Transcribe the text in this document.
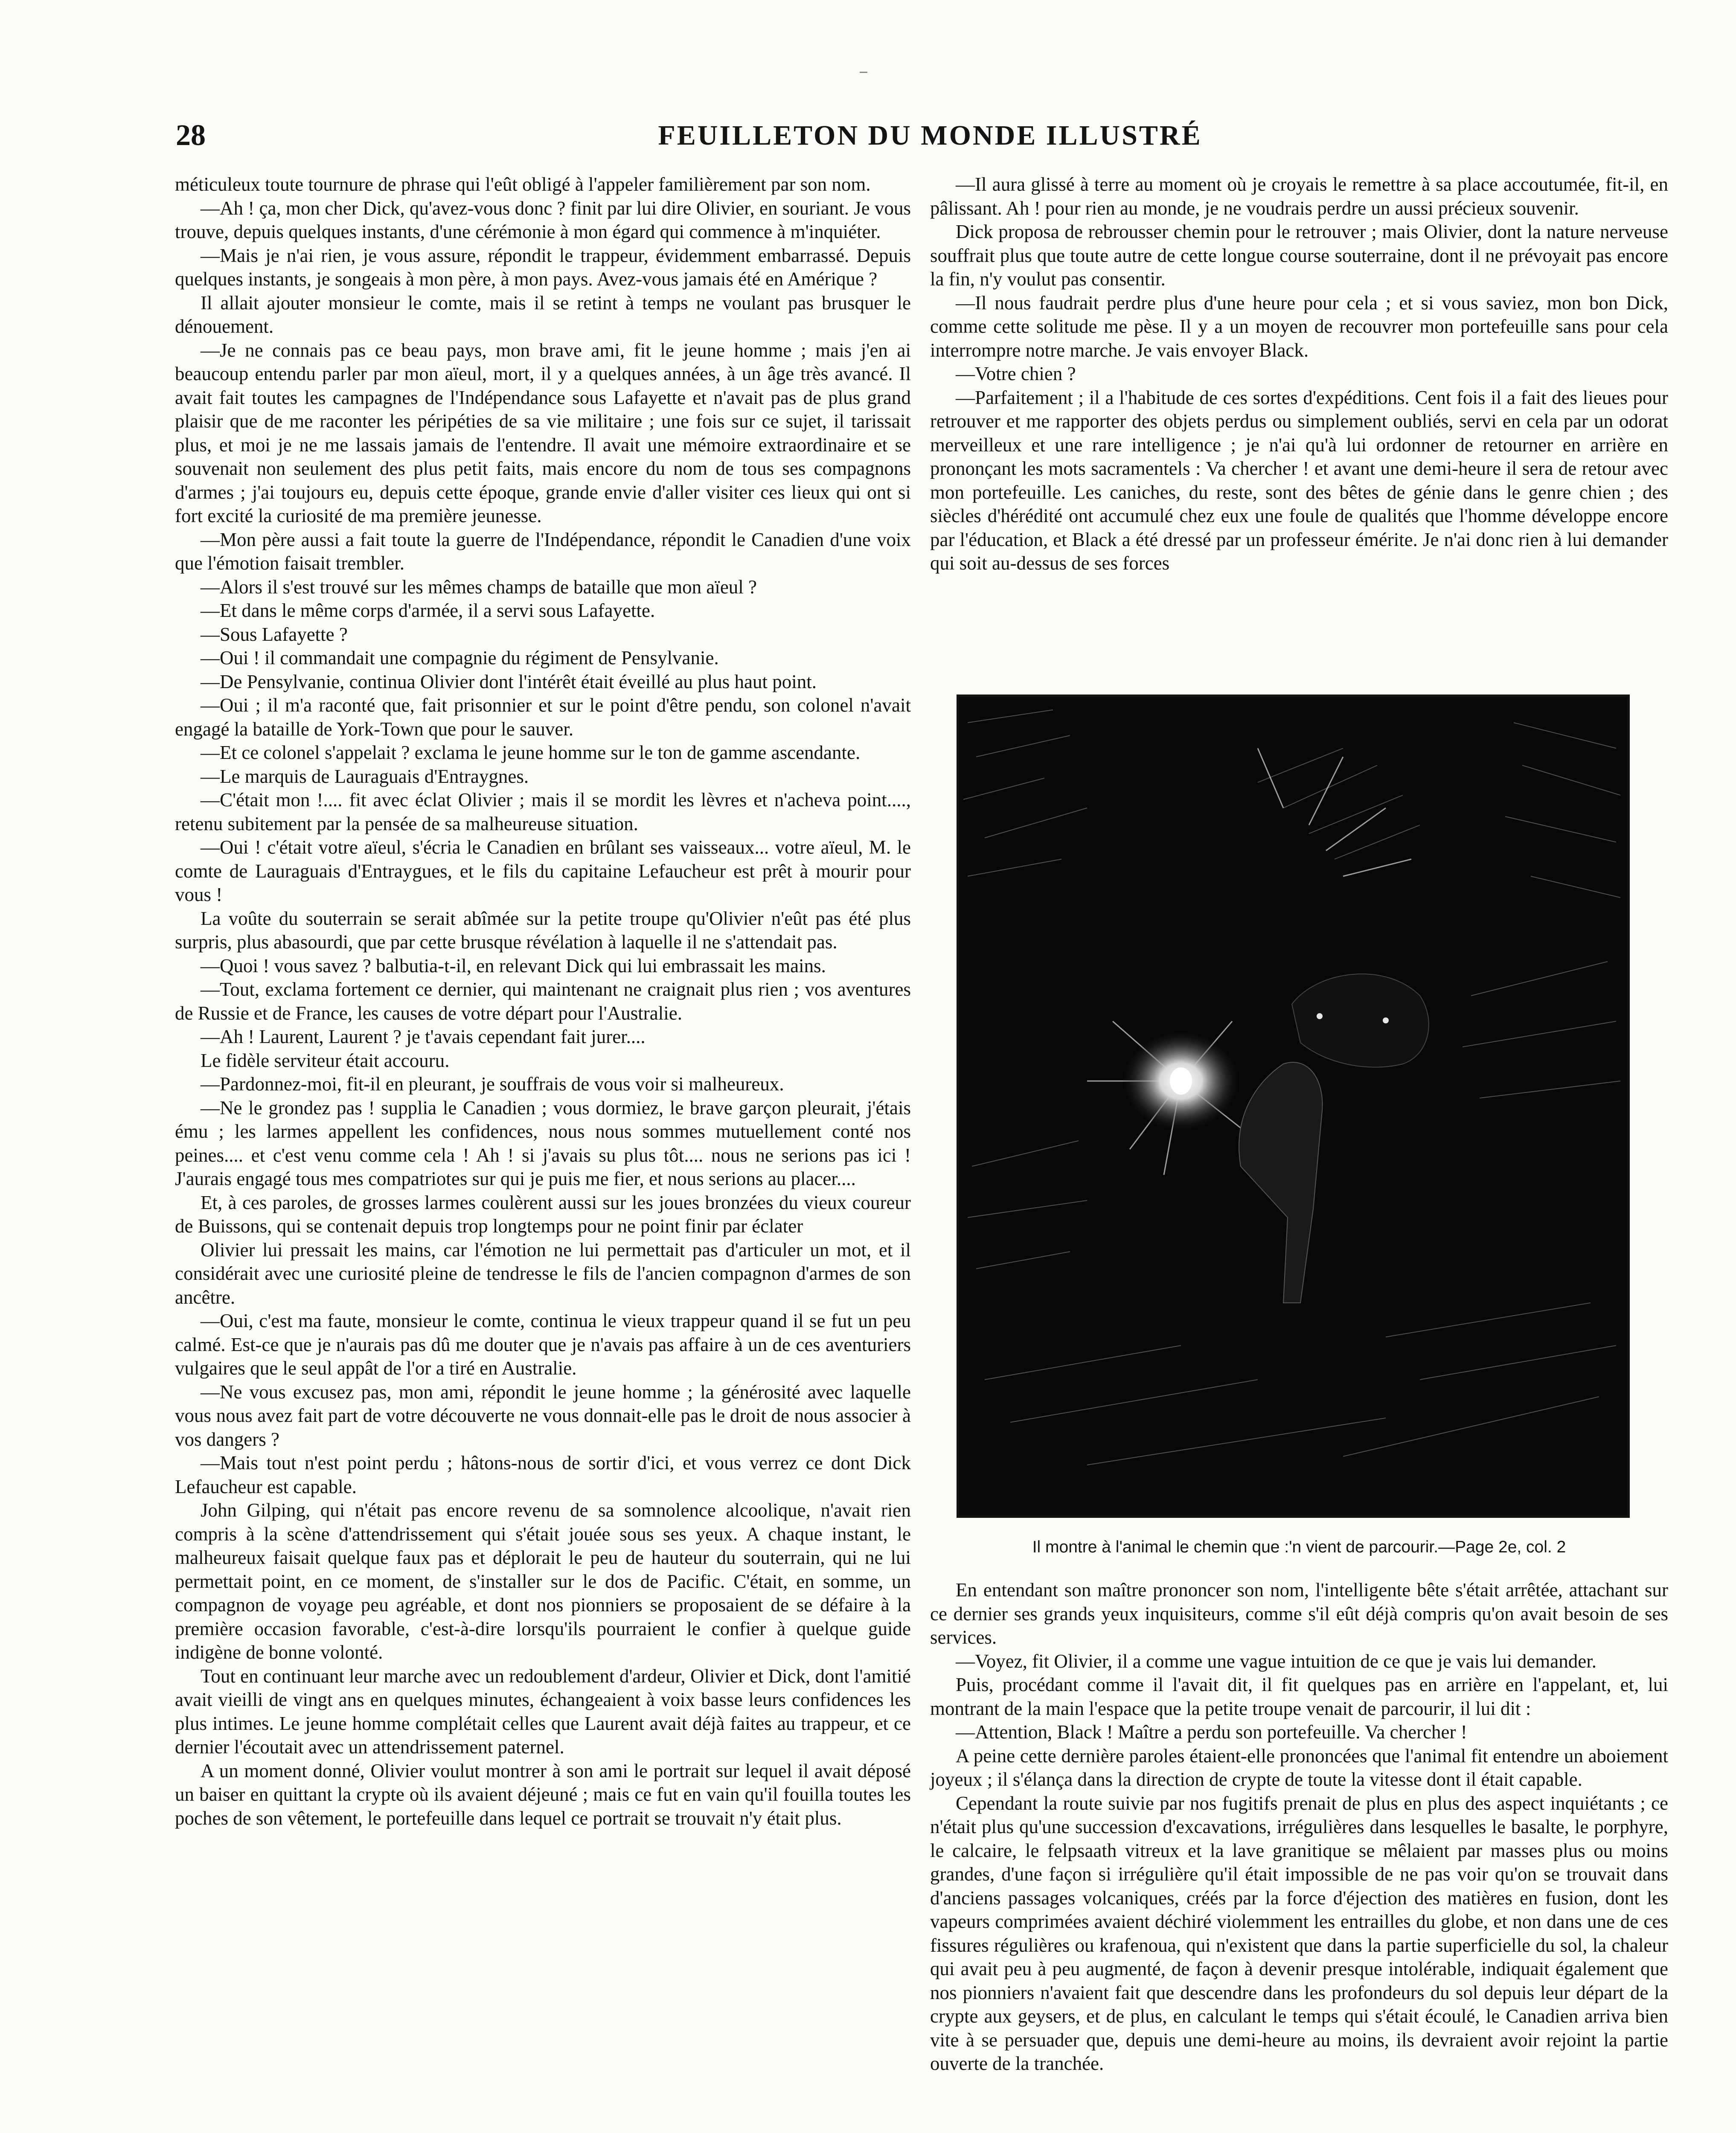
28	FEUILLETON DU MONDE ILLUSTRÉ

méticuleux toute tournure de phrase qui l'eût obligé à l'appeler familièrement par son nom.

—Ah ! ça, mon cher Dick, qu'avez-vous donc ? finit par lui dire Olivier, en souriant. Je vous trouve, depuis quelques instants, d'une cérémonie à mon égard qui commence à m'inquiéter.

—Mais je n'ai rien, je vous assure, répondit le trappeur, évidemment embarrassé. Depuis quelques instants, je songeais à mon père, à mon pays. Avez-vous jamais été en Amérique ?

Il allait ajouter monsieur le comte, mais il se retint à temps ne voulant pas brusquer le dénouement.

—Je ne connais pas ce beau pays, mon brave ami, fit le jeune homme ; mais j'en ai beaucoup entendu parler par mon aïeul, mort, il y a quelques années, à un âge très avancé. Il avait fait toutes les campagnes de l'Indépendance sous Lafayette et n'avait pas de plus grand plaisir que de me raconter les péripéties de sa vie militaire ; une fois sur ce sujet, il tarissait plus, et moi je ne me lassais jamais de l'entendre. Il avait une mémoire extraordinaire et se souvenait non seulement des plus petit faits, mais encore du nom de tous ses compagnons d'armes ; j'ai toujours eu, depuis cette époque, grande envie d'aller visiter ces lieux qui ont si fort excité la curiosité de ma première jeunesse.

—Mon père aussi a fait toute la guerre de l'Indépendance, répondit le Canadien d'une voix que l'émotion faisait trembler.

—Alors il s'est trouvé sur les mêmes champs de bataille que mon aïeul ?

—Et dans le même corps d'armée, il a servi sous Lafayette.

—Sous Lafayette ?

—Oui ! il commandait une compagnie du régiment de Pensylvanie.

—De Pensylvanie, continua Olivier dont l'intérêt était éveillé au plus haut point.

—Oui ; il m'a raconté que, fait prisonnier et sur le point d'être pendu, son colonel n'avait engagé la bataille de York-Town que pour le sauver.

—Et ce colonel s'appelait ? exclama le jeune homme sur le ton de gamme ascendante.

—Le marquis de Lauraguais d'Entraygnes.

—C'était mon !.... fit avec éclat Olivier ; mais il se mordit les lèvres et n'acheva point...., retenu subitement par la pensée de sa malheureuse situation.

—Oui ! c'était votre aïeul, s'écria le Canadien en brûlant ses vaisseaux... votre aïeul, M. le comte de Lauraguais d'Entraygues, et le fils du capitaine Lefaucheur est prêt à mourir pour vous !

La voûte du souterrain se serait abîmée sur la petite troupe qu'Olivier n'eût pas été plus surpris, plus abasourdi, que par cette brusque révélation à laquelle il ne s'attendait pas.

—Quoi ! vous savez ? balbutia-t-il, en relevant Dick qui lui embrassait les mains.

—Tout, exclama fortement ce dernier, qui maintenant ne craignait plus rien ; vos aventures de Russie et de France, les causes de votre départ pour l'Australie.

—Ah ! Laurent, Laurent ? je t'avais cependant fait jurer....

Le fidèle serviteur était accouru.

—Pardonnez-moi, fit-il en pleurant, je souffrais de vous voir si malheureux.

—Ne le grondez pas ! supplia le Canadien ; vous dormiez, le brave garçon pleurait, j'étais ému ; les larmes appellent les confidences, nous nous sommes mutuellement conté nos peines.... et c'est venu comme cela ! Ah ! si j'avais su plus tôt.... nous ne serions pas ici ! J'aurais engagé tous mes compatriotes sur qui je puis me fier, et nous serions au placer....

Et, à ces paroles, de grosses larmes coulèrent aussi sur les joues bronzées du vieux coureur de Buissons, qui se contenait depuis trop longtemps pour ne point finir par éclater

Olivier lui pressait les mains, car l'émotion ne lui permettait pas d'articuler un mot, et il considérait avec une curiosité pleine de tendresse le fils de l'ancien compagnon d'armes de son ancêtre.

—Oui, c'est ma faute, monsieur le comte, continua le vieux trappeur quand il se fut un peu calmé. Est-ce que je n'aurais pas dû me douter que je n'avais pas affaire à un de ces aventuriers vulgaires que le seul appât de l'or a tiré en Australie.

—Ne vous excusez pas, mon ami, répondit le jeune homme ; la générosité avec laquelle vous nous avez fait part de votre découverte ne vous donnait-elle pas le droit de nous associer à vos dangers ?

—Mais tout n'est point perdu ; hâtons-nous de sortir d'ici, et vous verrez ce dont Dick Lefaucheur est capable.

John Gilping, qui n'était pas encore revenu de sa somnolence alcoolique, n'avait rien compris à la scène d'attendrissement qui s'était jouée sous ses yeux. A chaque instant, le malheureux faisait quelque faux pas et déplorait le peu de hauteur du souterrain, qui ne lui permettait point, en ce moment, de s'installer sur le dos de Pacific. C'était, en somme, un compagnon de voyage peu agréable, et dont nos pionniers se proposaient de se défaire à la première occasion favorable, c'est-à-dire lorsqu'ils pourraient le confier à quelque guide indigène de bonne volonté.

Tout en continuant leur marche avec un redoublement d'ardeur, Olivier et Dick, dont l'amitié avait vieilli de vingt ans en quelques minutes, échangeaient à voix basse leurs confidences les plus intimes. Le jeune homme complétait celles que Laurent avait déjà faites au trappeur, et ce dernier l'écoutait avec un attendrissement paternel.

A un moment donné, Olivier voulut montrer à son ami le portrait sur lequel il avait déposé un baiser en quittant la crypte où ils avaient déjeuné ; mais ce fut en vain qu'il fouilla toutes les poches de son vêtement, le portefeuille dans lequel ce portrait se trouvait n'y était plus.

—Il aura glissé à terre au moment où je croyais le remettre à sa place accoutumée, fit-il, en pâlissant. Ah ! pour rien au monde, je ne voudrais perdre un aussi précieux souvenir.

Dick proposa de rebrousser chemin pour le retrouver ; mais Olivier, dont la nature nerveuse souffrait plus que toute autre de cette longue course souterraine, dont il ne prévoyait pas encore la fin, n'y voulut pas consentir.

—Il nous faudrait perdre plus d'une heure pour cela ; et si vous saviez, mon bon Dick, comme cette solitude me pèse. Il y a un moyen de recouvrer mon portefeuille sans pour cela interrompre notre marche. Je vais envoyer Black.

—Votre chien ?

—Parfaitement ; il a l'habitude de ces sortes d'expéditions. Cent fois il a fait des lieues pour retrouver et me rapporter des objets perdus ou simplement oubliés, servi en cela par un odorat merveilleux et une rare intelligence ; je n'ai qu'à lui ordonner de retourner en arrière en prononçant les mots sacramentels : Va chercher ! et avant une demi-heure il sera de retour avec mon portefeuille. Les caniches, du reste, sont des bêtes de génie dans le genre chien ; des siècles d'hérédité ont accumulé chez eux une foule de qualités que l'homme développe encore par l'éducation, et Black a été dressé par un professeur émérite. Je n'ai donc rien à lui demander qui soit au-dessus de ses forces

Il montre à l'animal le chemin que :'n vient de parcourir.—Page 2e, col. 2

En entendant son maître prononcer son nom, l'intelligente bête s'était arrêtée, attachant sur ce dernier ses grands yeux inquisiteurs, comme s'il eût déjà compris qu'on avait besoin de ses services.

—Voyez, fit Olivier, il a comme une vague intuition de ce que je vais lui demander.

Puis, procédant comme il l'avait dit, il fit quelques pas en arrière en l'appelant, et, lui montrant de la main l'espace que la petite troupe venait de parcourir, il lui dit :

—Attention, Black ! Maître a perdu son portefeuille. Va chercher !

A peine cette dernière paroles étaient-elle prononcées que l'animal fit entendre un aboiement joyeux ; il s'élança dans la direction de crypte de toute la vitesse dont il était capable.

Cependant la route suivie par nos fugitifs prenait de plus en plus des aspect inquiétants ; ce n'était plus qu'une succession d'excavations, irrégulières dans lesquelles le basalte, le porphyre, le calcaire, le felpsaath vitreux et la lave granitique se mêlaient par masses plus ou moins grandes, d'une façon si irrégulière qu'il était impossible de ne pas voir qu'on se trouvait dans d'anciens passages volcaniques, créés par la force d'éjection des matières en fusion, dont les vapeurs comprimées avaient déchiré violemment les entrailles du globe, et non dans une de ces fissures régulières ou krafenoua, qui n'existent que dans la partie superficielle du sol, la chaleur qui avait peu à peu augmenté, de façon à devenir presque intolérable, indiquait également que nos pionniers n'avaient fait que descendre dans les profondeurs du sol depuis leur départ de la crypte aux geysers, et de plus, en calculant le temps qui s'était écoulé, le Canadien arriva bien vite à se persuader que, depuis une demi-heure au moins, ils devraient avoir rejoint la partie ouverte de la tranchée.
